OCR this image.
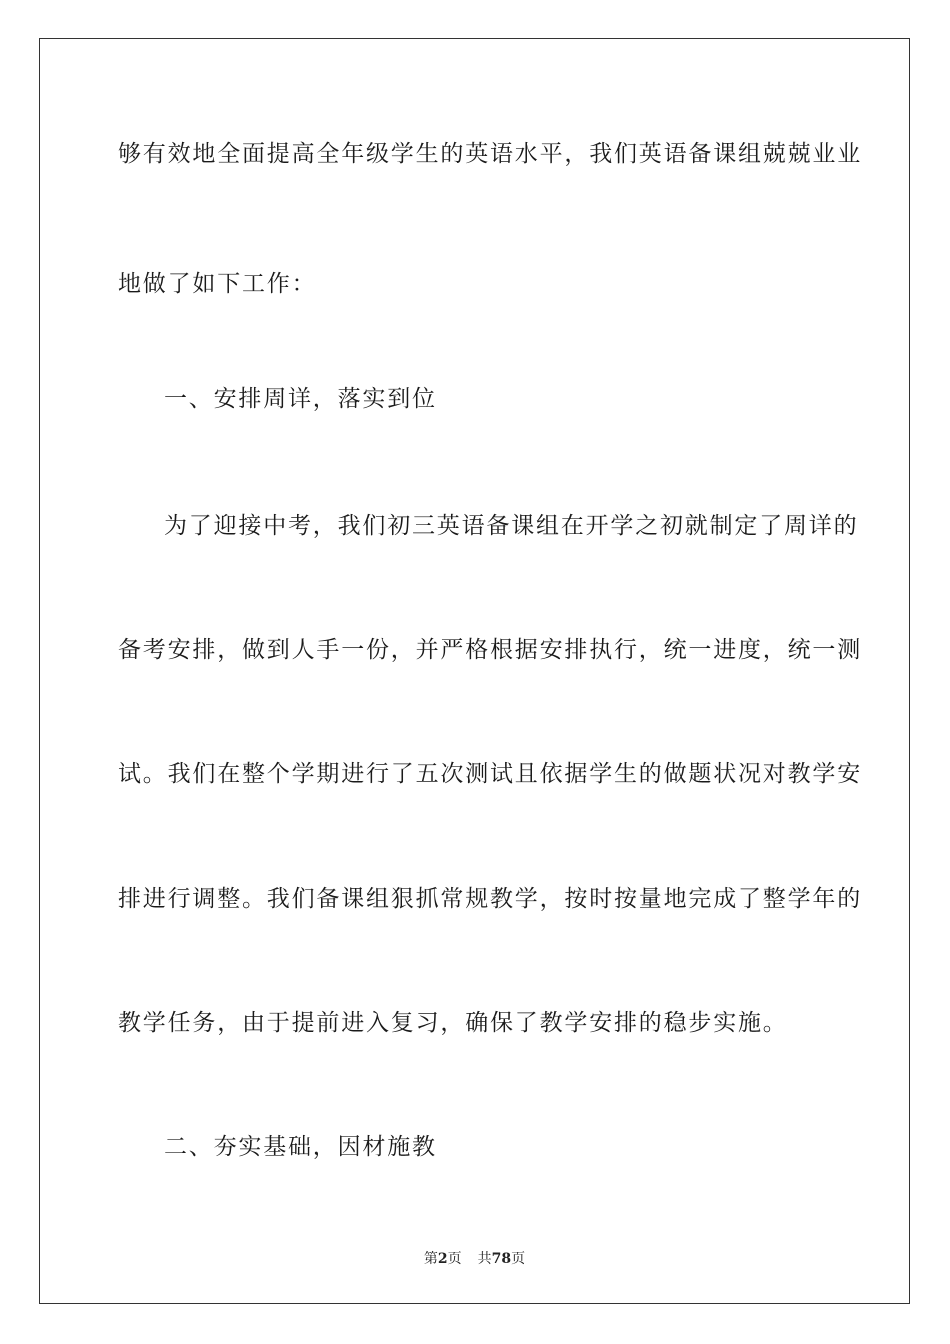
够有效地全面提高全年级学生的英语水平，我们英语备课组兢兢业业

地做了如下工作：

一、安排周详，落实到位

为了迎接中考，我们初三英语备课组在开学之初就制定了周详的

备考安排，做到人手一份，并严格根据安排执行，统一进度，统一测

试。我们在整个学期进行了五次测试且依据学生的做题状况对教学安

排进行调整。我们备课组狠抓常规教学，按时按量地完成了整学年的

教学任务，由于提前进入复习，确保了教学安排的稳步实施。

二、夯实基础，因材施教

第2页 共78页
